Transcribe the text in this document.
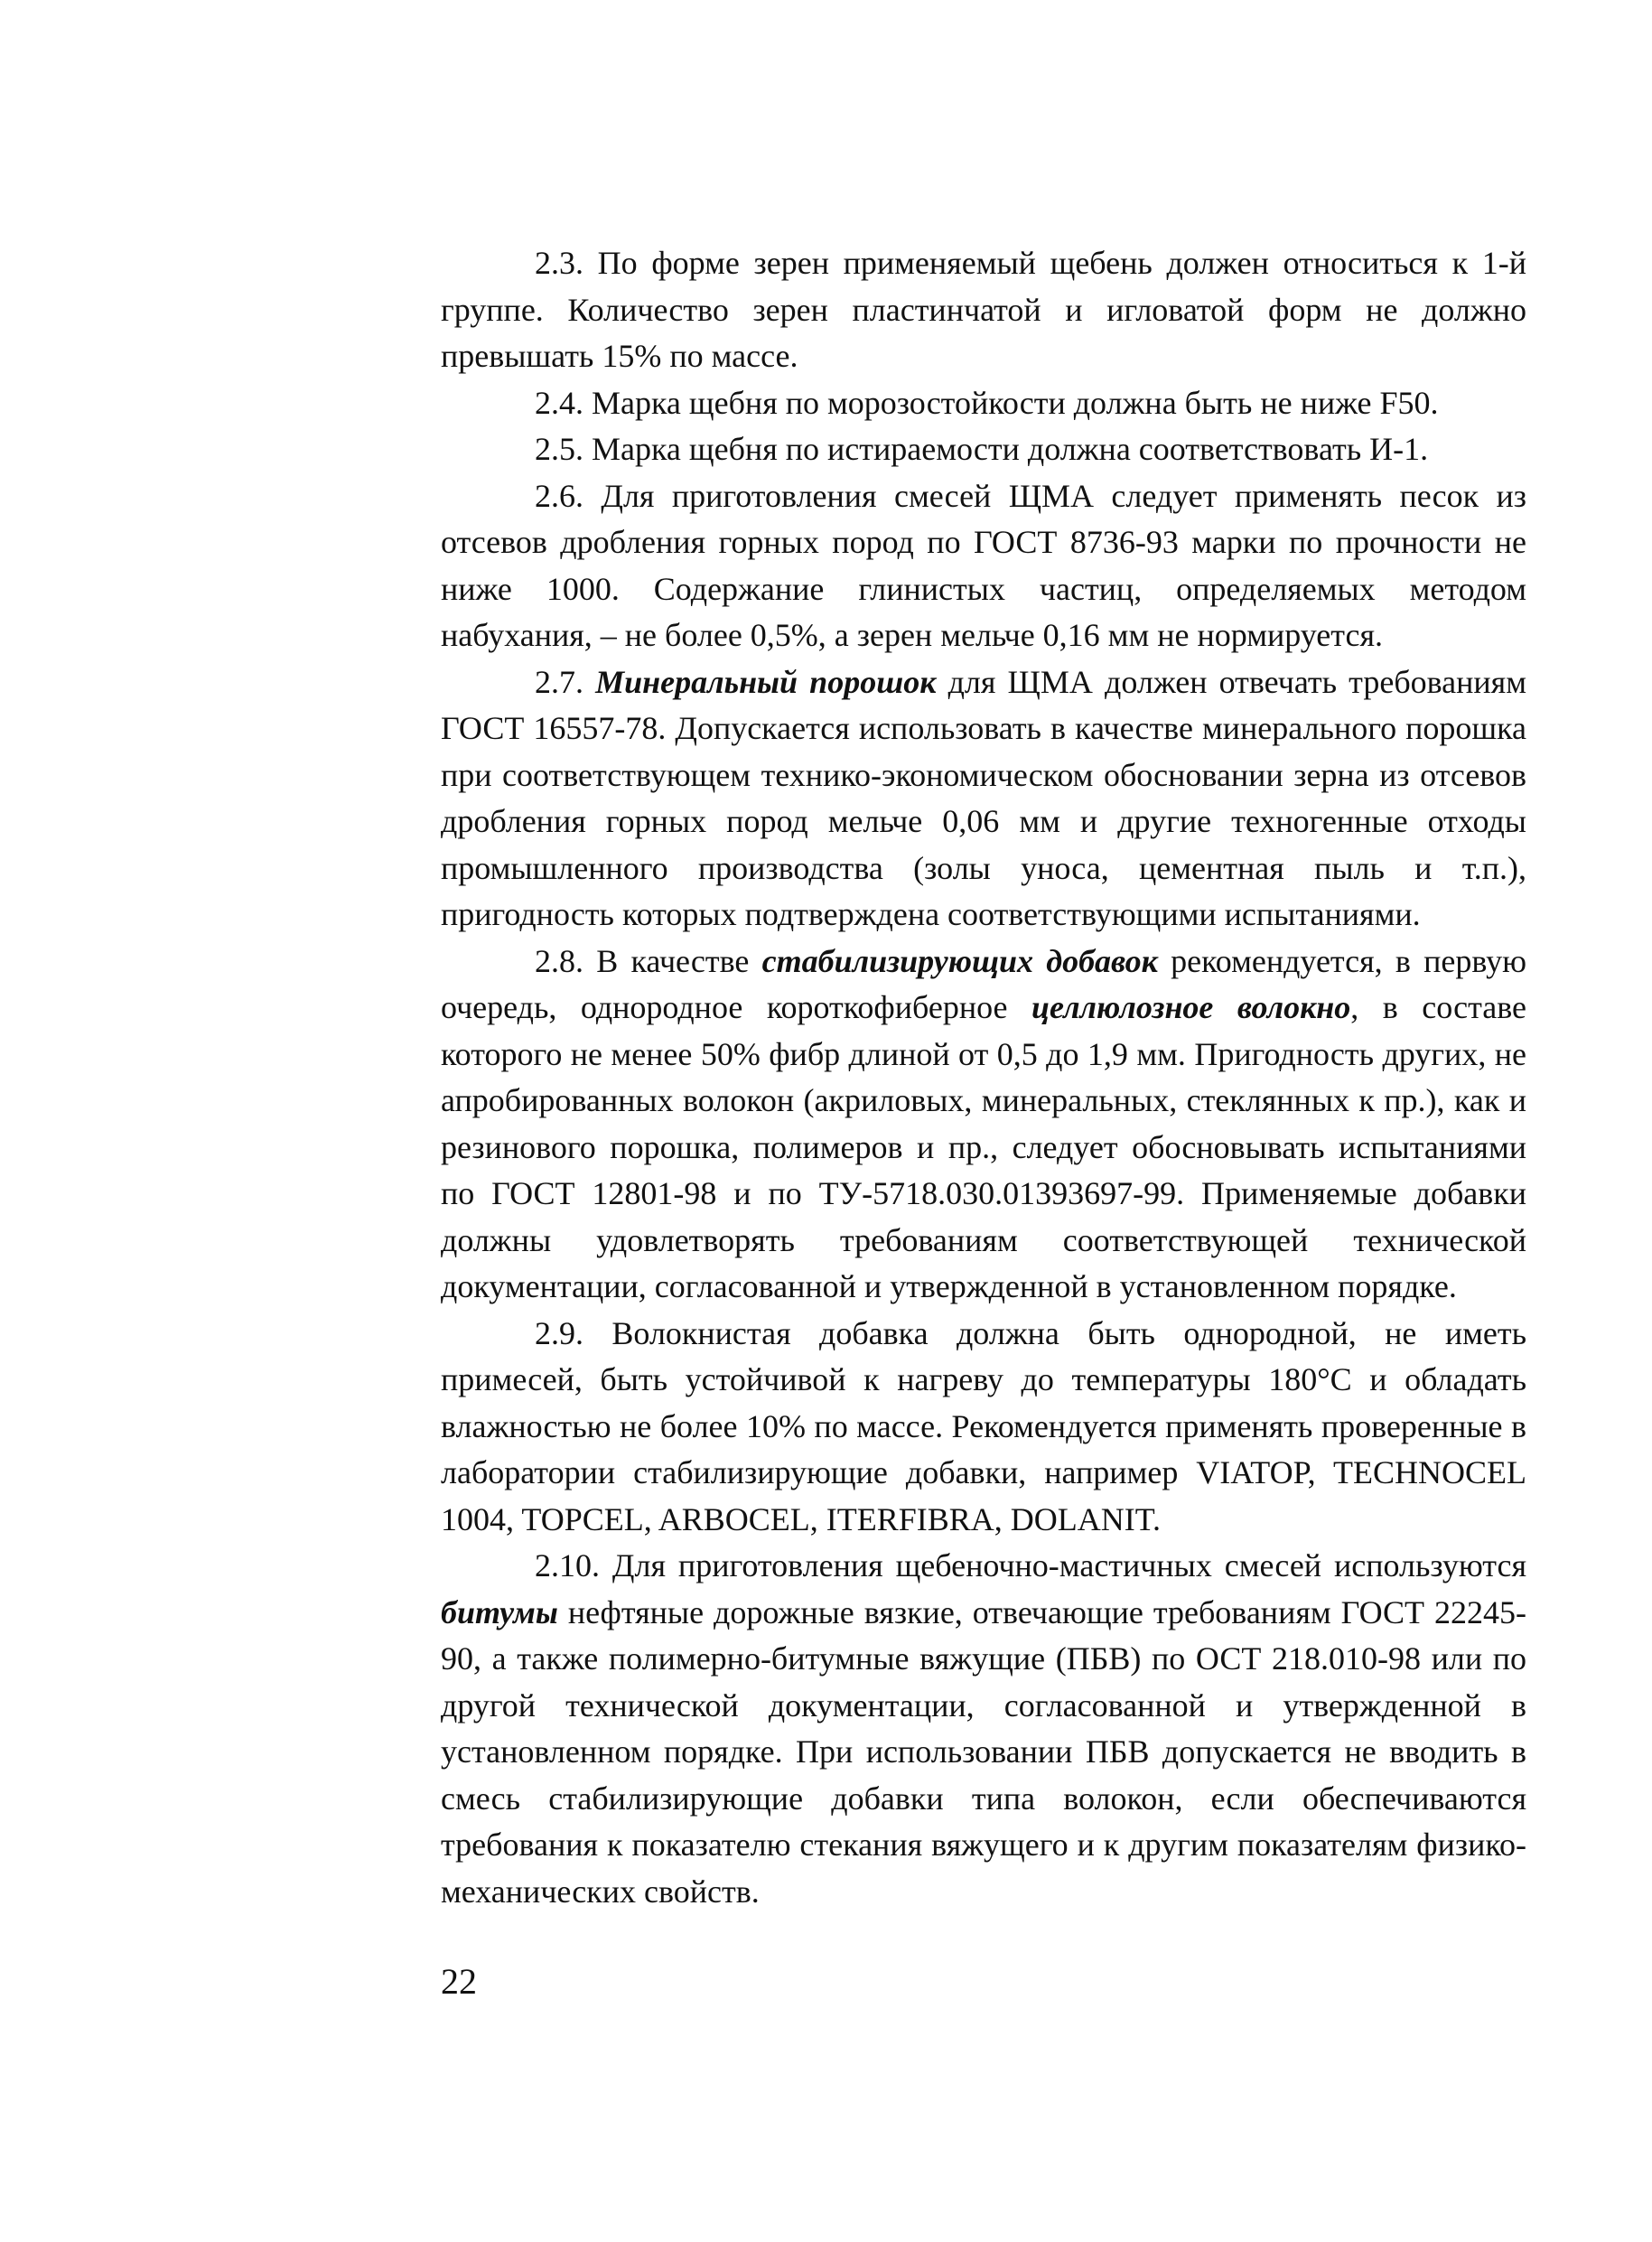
2.3. По форме зерен применяемый щебень должен относиться к 1-й группе. Количество зерен пластинчатой и игловатой форм не должно превышать 15% по массе.

2.4. Марка щебня по морозостойкости должна быть не ниже F50.

2.5. Марка щебня по истираемости должна соответствовать И-1.

2.6. Для приготовления смесей ЩМА следует применять песок из отсевов дробления горных пород по ГОСТ 8736-93 марки по прочности не ниже 1000. Содержание глинистых частиц, определяемых методом набухания, – не более 0,5%, а зерен мельче 0,16 мм не нормируется.

2.7. Минеральный порошок для ЩМА должен отвечать требованиям ГОСТ 16557-78. Допускается использовать в качестве минерального порошка при соответствующем технико-экономическом обосновании зерна из отсевов дробления горных пород мельче 0,06 мм и другие техногенные отходы промышленного производства (золы уноса, цементная пыль и т.п.), пригодность которых подтверждена соответствующими испытаниями.

2.8. В качестве стабилизирующих добавок рекомендуется, в первую очередь, однородное короткофиберное целлюлозное волокно, в составе которого не менее 50% фибр длиной от 0,5 до 1,9 мм. Пригодность других, не апробированных волокон (акриловых, минеральных, стеклянных к пр.), как и резинового порошка, полимеров и пр., следует обосновывать испытаниями по ГОСТ 12801-98 и по ТУ-5718.030.01393697-99. Применяемые добавки должны удовлетворять требованиям соответствующей технической документации, согласованной и утвержденной в установленном порядке.

2.9. Волокнистая добавка должна быть однородной, не иметь примесей, быть устойчивой к нагреву до температуры 180°С и обладать влажностью не более 10% по массе. Рекомендуется применять проверенные в лаборатории стабилизирующие добавки, например VIATOP, TECHNOCEL 1004, TOPCEL, ARBOCEL, ITERFIBRA, DOLANIT.

2.10. Для приготовления щебеночно-мастичных смесей используются битумы нефтяные дорожные вязкие, отвечающие требованиям ГОСТ 22245-90, а также полимерно-битумные вяжущие (ПБВ) по ОСТ 218.010-98 или по другой технической документации, согласованной и утвержденной в установленном порядке. При использовании ПБВ допускается не вводить в смесь стабилизирующие добавки типа волокон, если обеспечиваются требования к показателю стекания вяжущего и к другим показателям физико-механических свойств.

22
